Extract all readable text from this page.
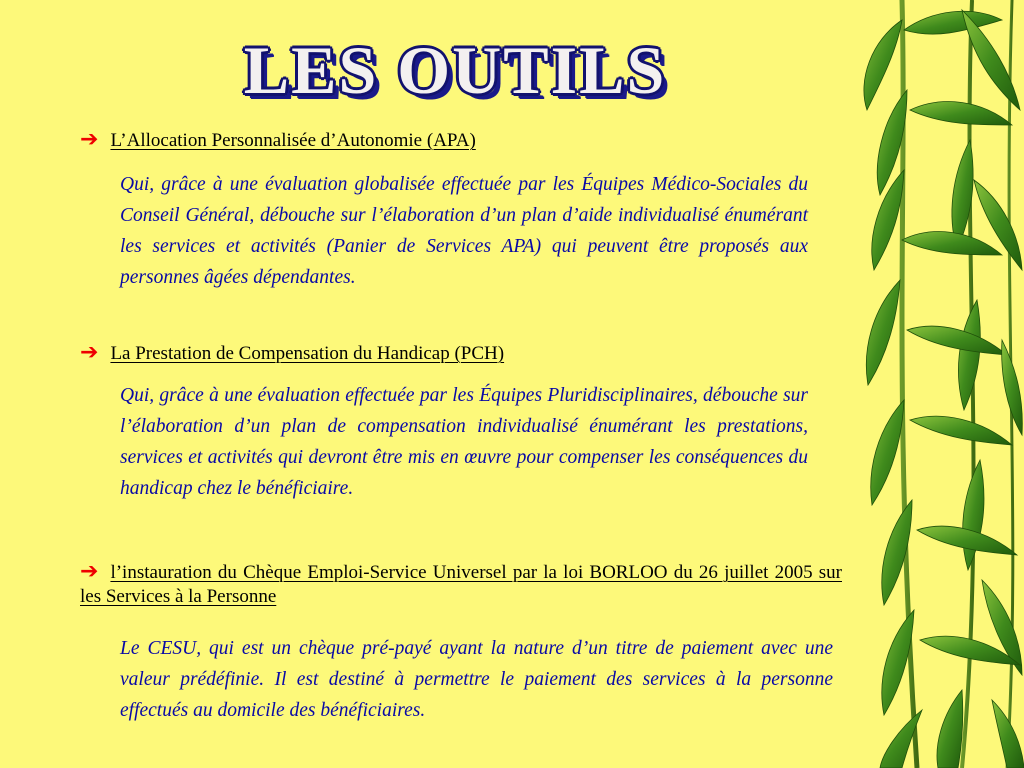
LES OUTILS
➔ L’Allocation Personnalisée d’Autonomie (APA)
Qui, grâce à une évaluation globalisée effectuée par les Équipes Médico-Sociales du Conseil Général, débouche sur l’élaboration d’un plan d’aide individualisé énumérant les services et activités (Panier de Services APA) qui peuvent être proposés aux personnes âgées dépendantes.
➔ La Prestation de Compensation du Handicap (PCH)
Qui, grâce à une évaluation effectuée par les Équipes Pluridisciplinaires, débouche sur l’élaboration d’un plan de compensation individualisé énumérant les prestations, services et activités qui devront être mis en œuvre pour compenser les conséquences du handicap chez le bénéficiaire.
➔ l’instauration du Chèque Emploi-Service Universel par la loi BORLOO du 26 juillet 2005 sur les Services à la Personne
Le CESU, qui est un chèque pré-payé ayant la nature d’un titre de paiement avec une valeur prédéfinie. Il est destiné à permettre le paiement des services à la personne effectués au domicile des bénéficiaires.
